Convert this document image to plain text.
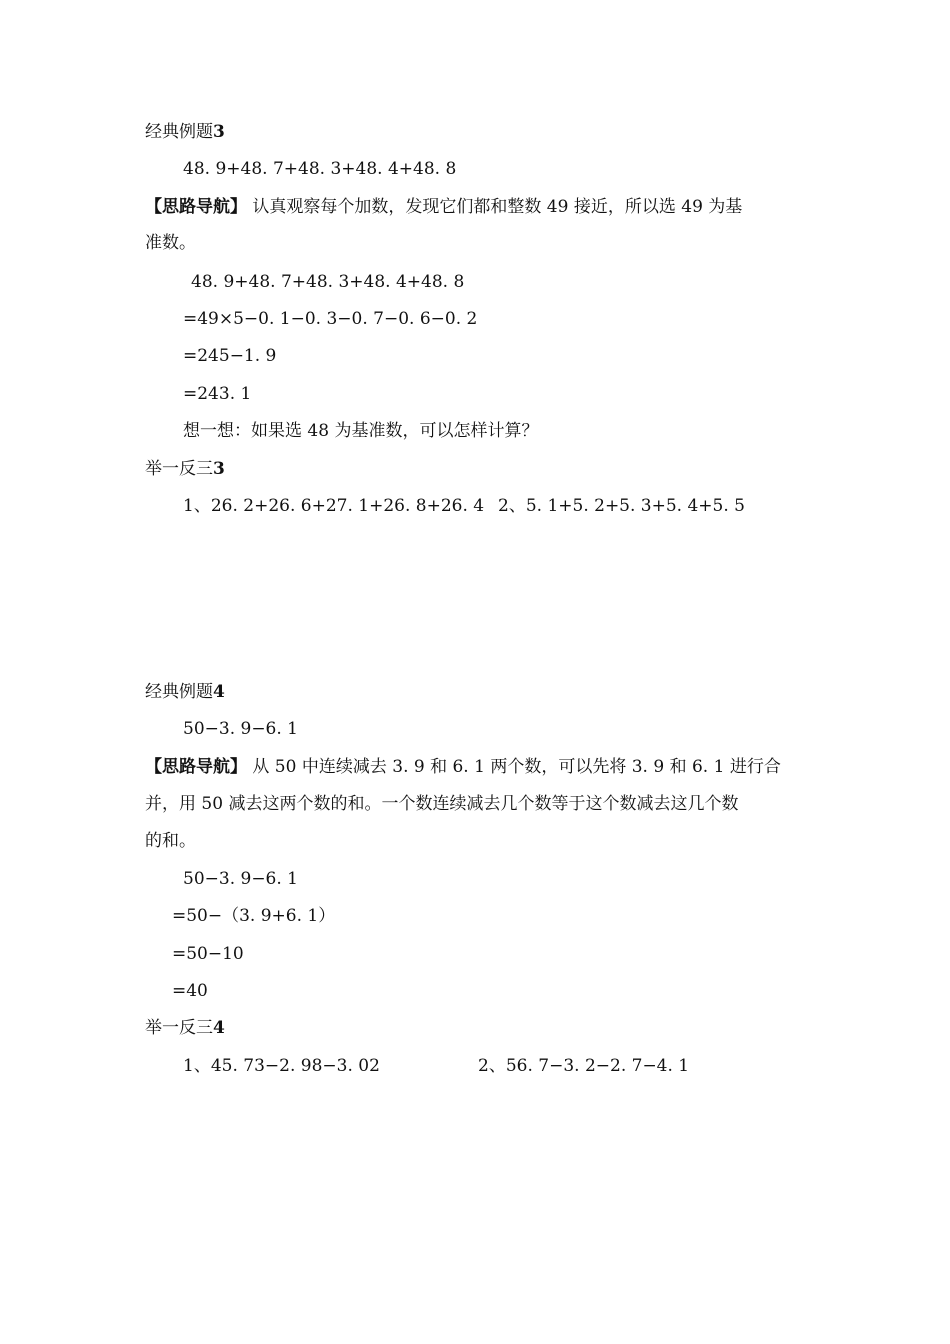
经典例题3
48. 9+48. 7+48. 3+48. 4+48. 8
【思路导航】 认真观察每个加数，发现它们都和整数 49 接近，所以选 49 为基
准数。
48. 9+48. 7+48. 3+48. 4+48. 8
=49×5−0. 1−0. 3−0. 7−0. 6−0. 2
=245−1. 9
=243. 1
想一想：如果选 48 为基准数，可以怎样计算？
举一反三3
1、26. 2+26. 6+27. 1+26. 8+26. 4 2、5. 1+5. 2+5. 3+5. 4+5. 5
经典例题4
50−3. 9−6. 1
【思路导航】 从 50 中连续减去 3. 9 和 6. 1 两个数，可以先将 3. 9 和 6. 1 进行合
并，用 50 减去这两个数的和。一个数连续减去几个数等于这个数减去这几个数
的和。
50−3. 9−6. 1
=50−（3. 9+6. 1）
=50−10
=40
举一反三4
1、45. 73−2. 98−3. 02	2、56. 7−3. 2−2. 7−4. 1
